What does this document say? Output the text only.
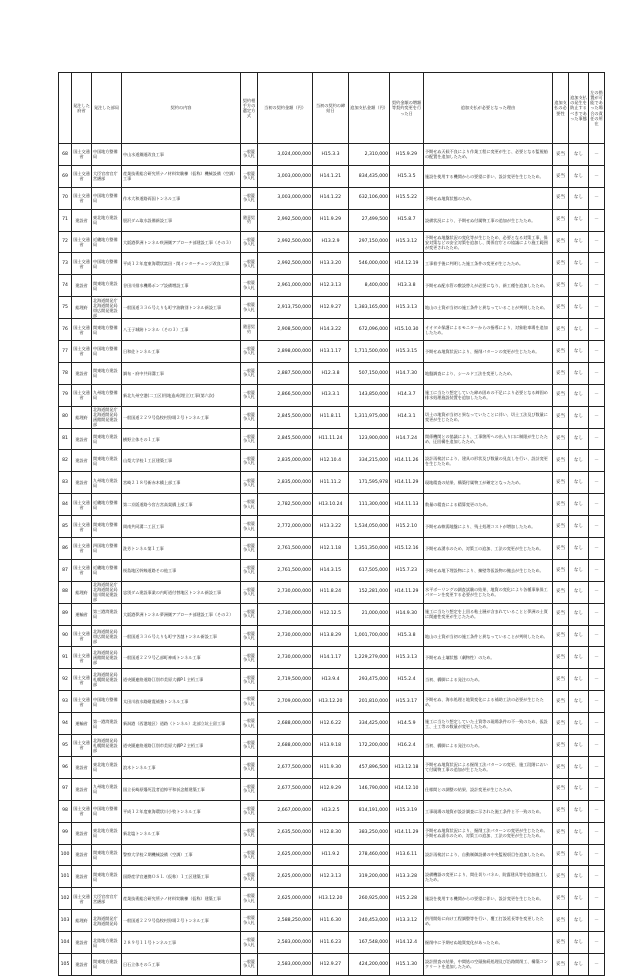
	発注した府省	発注した部局	契約の内容	契約相手方の選定方式	当初の契約金額（円）	当初の契約の締結日	追加支払金額（円）	契約金額の増額等契約変更を行った日	追加支払が必要となった理由	追加支払の必要性	追加支払の発生を防止するべきであった事態	左の措置が可能であった場合の責任の所在
68	国土交通省	中国地方整備局	中山水道鋼道改良工事	一般競争入札	3,024,000,000	H15.3.3	2,310,000	H15.9.29	予期せぬ天候不良により作業工程に変更が生じ、必要となる監視船の配置を追加したため。	妥当	なし	－
69	国土交通省	大臣官房官庁営繕部	産業技術総合研究所ナノ材料実験棟（仮称）機械設備（空調）工事	一般競争入札	3,003,000,000	H14.1.21	834,435,000	H15.3.5	施設を使用する機関からの要望に伴い、設計変更を生じたため。	妥当	なし	－
70	国土交通省	中国地方整備局	作木大和道路両国トンネル工事	一般競争入札	3,003,000,000	H14.1.22	632,106,000	H15.5.22	予期せぬ地質状態のため。	妥当	なし	－
71	建設省	東北地方建設局	胆沢ダム取水設備新設工事	随意契約	2,992,500,000	H11.9.29	27,499,500	H15.8.7	設備状況により、予期せぬ付属物工事の追加が生じたため。	妥当	なし	－
72	国土交通省	近畿地方整備局	大阪港夢洲トンネル咲洲側アプローチ部建設工事（その３）	一般競争入札	2,992,500,000	H13.2.9	297,150,000	H15.3.12	予期せぬ地盤状況の変化等が生じたため、必要となる対策工事、保安対策などの安全対策を追加し、関係官庁との協議により施工範囲が変更されたため。	妥当	なし	－
73	国土交通省	中国地方整備局	平成１２年度東海環状富田・関インターチェンジ改良工事	一般競争入札	2,992,500,000	H13.3.20	546,000,000	H14.12.19	工事着手後に判明した施工条件の変更が生じたため。	妥当	なし	－
74	建設省	関東地方建設局	谷田川排水機場ポンプ設備増設工事	一般競争入札	2,961,000,000	H12.3.13	8,400,000	H13.3.8	予期せぬ配水管の敷設替えが必要になり、新工種を追加したため。	妥当	なし	－
75	総理府	北海道開発庁北海道開発局帯広開発建設部	一般国道３３６号えりも町字油駒別トンネル新設工事	一般競争入札	2,913,750,000	H12.9.27	1,383,165,000	H15.3.13	地山の土質が当初の施工条件と異なっていることが判明したため。	妥当	なし	－
76	国土交通省	関東地方整備局	八王子城跡トンネル（その３）工事	随意契約	2,908,500,000	H14.3.22	672,096,000	H15.10.30	オオタカ保護によるモニターからの指導により、対象駐車場を追加したため。	妥当	なし	－
77	国土交通省	中国地方整備局	日和佐トンネル工事	一般競争入札	2,898,000,000	H13.1.17	1,711,500,000	H15.3.15	予期せぬ地質状況により、掘削パターンの変更が生じたため。	妥当	なし	－
78	建設省	関東地方建設局	調布・府中共同溝工事	一般競争入札	2,887,500,000	H12.3.8	507,150,000	H14.7.30	地盤調査により、シールド工法を変更したため。	妥当	なし	－
79	国土交通省	九州地方整備局	新北九州空港(二工区)用地造成(埋立)工事(第六次)	一般競争入札	2,866,500,000	H13.3.1	143,850,000	H14.3.7	施工に当たり想定していた締め固めの不足により必要となる締固め排水処理施設装置を追加したため。	妥当	なし	－
80	総理府	北海道開発庁北海道開発局函館開発建設部	一般国道２２９号島牧村狩場２号トンネル工事	一般競争入札	2,845,500,000	H11.8.11	1,311,975,000	H14.3.1	切土の地質が当初と異なっていたことに伴い、切土工法及び数量に変更が生じたため。	妥当	なし	－
81	建設省	関東地方建設局	横野立体その１工事	一般競争入札	2,845,500,000	H11.11.24	123,900,000	H14.7.24	関係機関との協議により、工事箇所への出入り口に制限が生じたため、迂回構を追加したため。	妥当	なし	－
82	建設省	関東地方建設局	山梨大学校１工区建築工事	一般競争入札	2,835,000,000	H12.10.4	334,215,000	H14.11.26	設計再検討により、建具の形状及び数量の見直しを行い、設計変更を生じたため。	妥当	なし	－
83	建設省	九州地方建設局	宮崎２１８号新赤木橋上部工事	一般競争入札	2,835,000,000	H11.11.2	171,595,978	H14.11.29	現地精査の結果、構築付属物工が確定となったため。	妥当	なし	－
84	国土交通省	近畿地方整備局	第二京阪道路今宮古宮高架橋上部工事	一般競争入札	2,782,500,000	H13.10.24	111,300,000	H14.11.13	数量の精査による精算変更のため。	妥当	なし	－
85	国土交通省	関東地方整備局	岡南共同溝二工区工事	一般競争入札	2,772,000,000	H13.3.22	1,534,050,000	H15.2.10	予期せぬ軟弱地盤により、残土処理コストが増加したため。	妥当	なし	－
86	国土交通省	四国地方整備局	洗芳トンネル第１工事	一般競争入札	2,761,500,000	H12.1.18	1,351,350,000	H15.12.16	予期せぬ湧水のため、対策工の追加、工法の変更が生じたため。	妥当	なし	－
87	国土交通省	近畿地方整備局	桜島地区幹線道路その他工事	一般競争入札	2,761,500,000	H14.3.15	617,505,000	H15.7.23	予期せぬ地下埋設物により、擁壁等仮設物の撤去が生じたため。	妥当	なし	－
88	総理府	北海道開発庁北海道開発局旭川開発建設部	忠別ダム建設事業の内町道付替地区トンネル新設工事	一般競争入札	2,730,000,000	H11.8.24	152,281,000	H14.11.29	水平ボーリングの調査試験の結果、地質の変化により各種事象保工パターンを変更する必要が生じたため。	妥当	なし	－
89	運輸省	第三港湾建設局	大阪港夢洲トンネル夢洲側アプローチ部建設工事（その２）	一般競争入札	2,730,000,000	H12.12.5	21,000,000	H14.9.30	施工に当たり想定を上回る粘土層が含まれていることと夢洲の土質に関連性変更が生じたため。	妥当	なし	－
90	国土交通省	北海道開発局帯広開発建設部	一般国道３３６号えりも町字苫越トンネル新設工事	一般競争入札	2,730,000,000	H13.8.29	1,001,700,000	H15.3.8	地山の土質が当初の施工条件と異なっていることが判明したため。	妥当	なし	－
91	国土交通省	北海道開発局函館開発建設部	一般国道２２９号乙部町神威トンネル工事	一般競争入札	2,730,000,000	H14.1.17	1,229,279,000	H15.3.13	予期せぬ土壌状態（劇物性）のため。	妥当	なし	－
92	国土交通省	北海道開発局札幌開発建設部	道央圏連絡道路江別市美原大橋P１主桁工事	一般競争入札	2,719,500,000	H13.9.4	293,475,000	H15.2.4	当初、橋脚による発注のため。	妥当	なし	－
93	国土交通省	中国地方整備局	太田川放水路耐震補強トンネル工事	一般競争入札	2,709,000,000	H13.12.20	201,810,000	H15.3.17	予期せぬ、海水処理と地質変化による補助工法の必要が生じたため。	妥当	なし	－
94	運輸省	第一港湾建設局	新潟港（西港地区）道路（トンネル）北部立坑土留工事	一般競争入札	2,688,000,000	H12.6.22	334,425,000	H14.5.9	施工に当たり想定していた土質等の現場条件の不一致のため、仮設工、土工等の数量が変更したため。	妥当	なし	－
95	国土交通省	北海道開発局札幌開発建設部	道央圏連絡道路江別市美原大橋P２主桁工事	一般競争入札	2,688,000,000	H13.9.18	172,200,000	H16.2.4	当初、橋脚による発注のため。	妥当	なし	－
96	建設省	東北地方建設局	浪木トンネル工事	一般競争入札	2,677,500,000	H11.9.30	457,896,500	H13.12.18	予期せぬ地質状況による掘削工法パターンの変更、施工段階において付属物工事の追加が生じたため。	妥当	なし	－
97	建設省	九州地方建設局	国立長崎原爆死没者追悼平和祈念館建築工事	一般競争入札	2,677,500,000	H12.9.29	146,790,000	H14.12.10	仕様間との調整の結果、設計変更が生じたため。	妥当	なし	－
98	国土交通省	中国地方整備局	平成１２年度東海環状川小牧トンネル工事	一般競争入札	2,667,000,000	H13.2.5	814,191,000	H15.3.19	工事現場の地質が設計調査に示された施工条件と不一致のため。	妥当	なし	－
99	建設省	東北地方建設局	新北塩トンネル工事	一般競争入札	2,635,500,000	H12.8.30	383,250,000	H14.11.29	予期せぬ地質状況により、掘削工法パターンの変更が生じたため。予期せぬ涌水のため、対策工の追加、工法の変更が生じたため。	妥当	なし	－
100	建設省	関東地方建設局	警察大学校２期機械設備（空調）工事	一般競争入札	2,625,000,000	H11.9.2	278,460,000	H13.6.11	設計再検討により、自動制御設備の中央監視項目を追加したため。	妥当	なし	－
101	建設省	関東地方建設局	国際産学官連携ＯＳＬ（仮称）１工区建築工事	一般競争入札	2,625,000,000	H12.3.13	319,200,000	H13.3.28	設備機器の変更により、間仕切りパネル、防露建具等を追加施工したため。	妥当	なし	－
102	国土交通省	大臣官房官庁営繕部	産業技術総合研究所ナノ材料実験棟（仮称）建築工事	一般競争入札	2,625,000,000	H13.12.20	260,925,000	H15.2.28	施設を使用する機関からの要望に伴い、設計変更を生じたため。	妥当	なし	－
103	総理府	北海道開発庁北海道開発局	一般国道２２９号島牧村狩場２号トンネル工事	一般競争入札	2,588,250,000	H11.6.30	240,453,000	H13.3.12	供用開始に向け工程調整等を行い、覆工打設延長等を変更したため。	妥当	なし	－
104	建設省	北陸地方建設局	２８９号１１号トンネル工事	一般競争入札	2,583,000,000	H11.6.23	167,548,000	H14.12.4	掘削中に予期せぬ地質変化があったため。	妥当	なし	－
105	建設省	関東地方建設局	日石立体その５工事	一般競争入札	2,583,000,000	H12.9.27	424,200,000	H15.1.30	設計照査の結果、中間処の空頭接続処理及び沿路開削工、構築コンクリートを追加したため。	妥当	なし	－
